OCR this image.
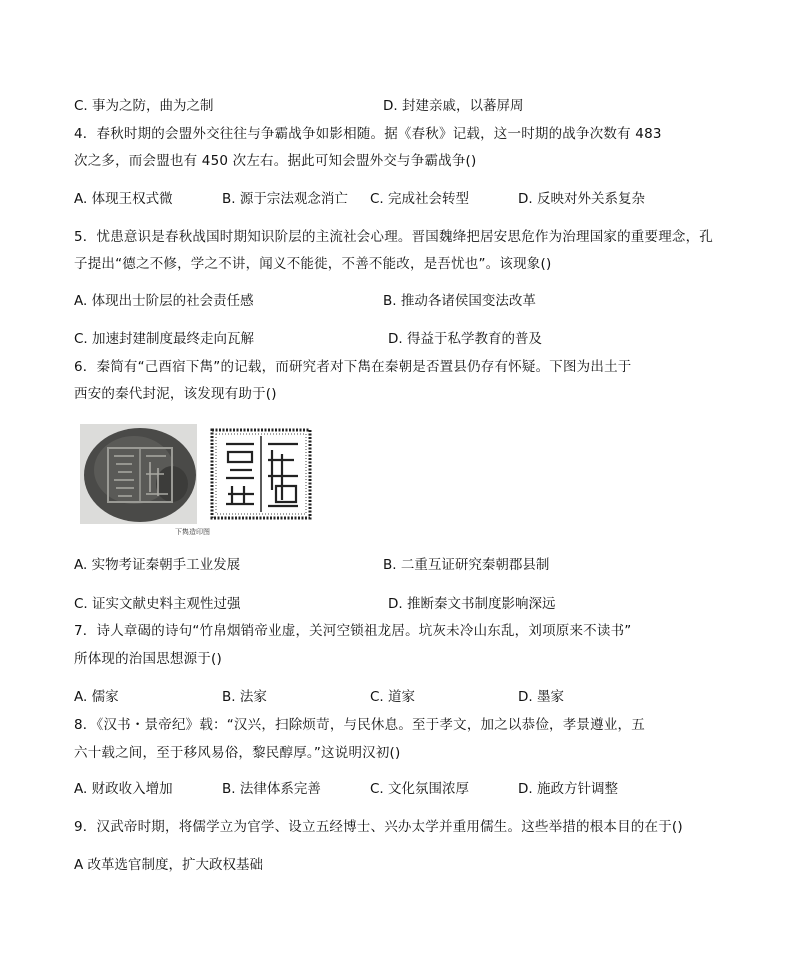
C. 事为之防，曲为之制	D. 封建亲戚，以蕃屏周
4．春秋时期的会盟外交往往与争霸战争如影相随。据《春秋》记载，这一时期的战争次数有 483
次之多，而会盟也有 450 次左右。据此可知会盟外交与争霸战争()
A. 体现王权式微	B. 源于宗法观念消亡 C. 完成社会转型	D. 反映对外关系复杂
5．忧患意识是春秋战国时期知识阶层的主流社会心理。晋国魏绛把居安思危作为治理国家的重要理念，孔
子提出“德之不修，学之不讲，闻义不能徙，不善不能改，是吾忧也”。该现象()
A. 体现出士阶层的社会责任感	B. 推动各诸侯国变法改革
C. 加速封建制度最终走向瓦解	D. 得益于私学教育的普及
6．秦简有“己酉宿下雋”的记载，而研究者对下雋在秦朝是否置县仍存有怀疑。下图为出土于
西安的秦代封泥，该发现有助于()
下雋造印图
A. 实物考证秦朝手工业发展	B. 二重互证研究秦朝郡县制
C. 证实文献史料主观性过强	D. 推断秦文书制度影响深远
7．诗人章碣的诗句“竹帛烟销帝业虚，关河空锁祖龙居。坑灰未冷山东乱，刘项原来不读书”
所体现的治国思想源于()
A. 儒家	B. 法家	C. 道家	D. 墨家
8．《汉书・景帝纪》载：“汉兴，扫除烦苛，与民休息。至于孝文，加之以恭俭，孝景遵业，五
六十载之间，至于移风易俗，黎民醇厚。”这说明汉初()
A. 财政收入增加	B. 法律体系完善	C. 文化氛围浓厚	D. 施政方针调整
9．汉武帝时期，将儒学立为官学、设立五经博士、兴办太学并重用儒生。这些举措的根本目的在于()
A 改革选官制度，扩大政权基础
